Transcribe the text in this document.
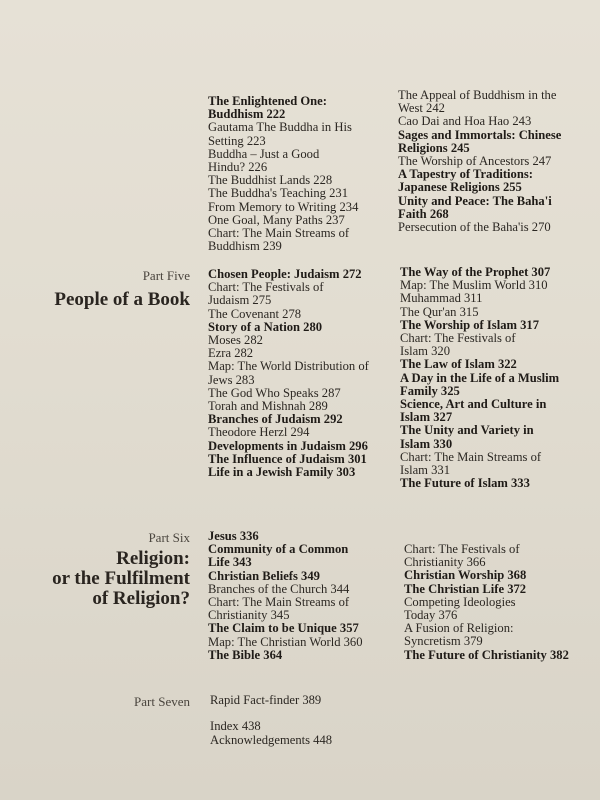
The Enlightened One:
Buddhism 222
Gautama The Buddha in His
Setting 223
Buddha – Just a Good
Hindu? 226
The Buddhist Lands 228
The Buddha's Teaching 231
From Memory to Writing 234
One Goal, Many Paths 237
Chart: The Main Streams of
Buddhism 239
The Appeal of Buddhism in the
West 242
Cao Dai and Hoa Hao 243
Sages and Immortals: Chinese
Religions 245
The Worship of Ancestors 247
A Tapestry of Traditions:
Japanese Religions 255
Unity and Peace: The Baha'i
Faith 268
Persecution of the Baha'is 270
Part Five
People of a Book
Chosen People: Judaism 272
Chart: The Festivals of
Judaism 275
The Covenant 278
Story of a Nation 280
Moses 282
Ezra 282
Map: The World Distribution of
Jews 283
The God Who Speaks 287
Torah and Mishnah 289
Branches of Judaism 292
Theodore Herzl 294
Developments in Judaism 296
The Influence of Judaism 301
Life in a Jewish Family 303
The Way of the Prophet 307
Map: The Muslim World 310
Muhammad 311
The Qur'an 315
The Worship of Islam 317
Chart: The Festivals of
Islam 320
The Law of Islam 322
A Day in the Life of a Muslim
Family 325
Science, Art and Culture in
Islam 327
The Unity and Variety in
Islam 330
Chart: The Main Streams of
Islam 331
The Future of Islam 333
Part Six
Religion:
or the Fulfilment
of Religion?
Jesus 336
Community of a Common
Life 343
Christian Beliefs 349
Branches of the Church 344
Chart: The Main Streams of
Christianity 345
The Claim to be Unique 357
Map: The Christian World 360
The Bible 364
Chart: The Festivals of
Christianity 366
Christian Worship 368
The Christian Life 372
Competing Ideologies
Today 376
A Fusion of Religion:
Syncretism 379
The Future of Christianity 382
Part Seven Rapid Fact-finder 389

Index 438
Acknowledgements 448
